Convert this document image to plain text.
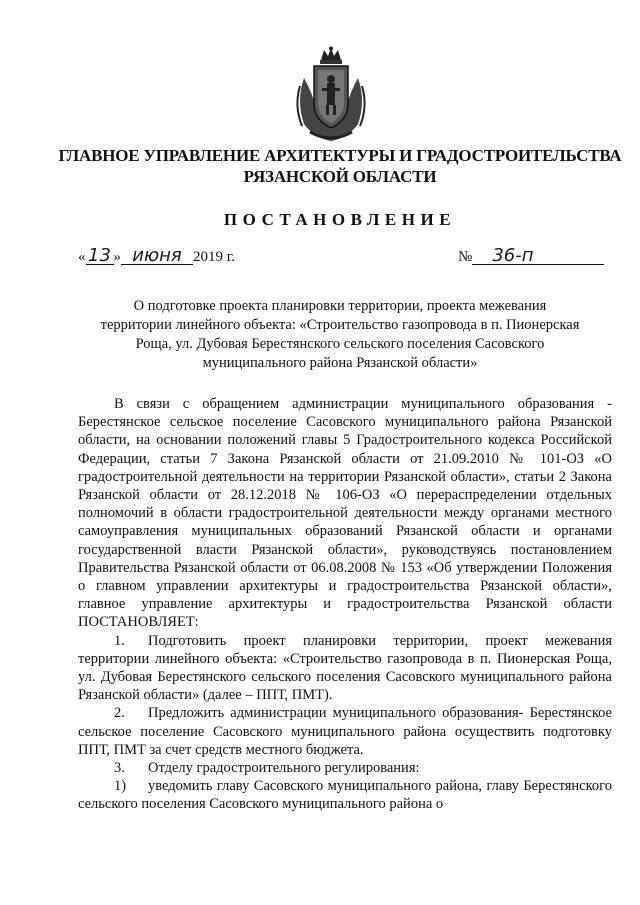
ГЛАВНОЕ УПРАВЛЕНИЕ АРХИТЕКТУРЫ И ГРАДОСТРОИТЕЛЬСТВА
РЯЗАНСКОЙ ОБЛАСТИ
ПОСТАНОВЛЕНИЕ
« 13 » июня 2019 г.	№ 36-п
О подготовке проекта планировки территории, проекта межевания
территории линейного объекта: «Строительство газопровода в п. Пионерская
Роща, ул. Дубовая Берестянского сельского поселения Сасовского
муниципального района Рязанской области»

В связи с обращением администрации муниципального образования - Берестянское сельское поселение Сасовского муниципального района Рязанской области, на основании положений главы 5 Градостроительного кодекса Российской Федерации, статьи 7 Закона Рязанской области от 21.09.2010 № 101-ОЗ «О градостроительной деятельности на территории Рязанской области», статьи 2 Закона Рязанской области от 28.12.2018 № 106-ОЗ «О перераспределении отдельных полномочий в области градостроительной деятельности между органами местного самоуправления муниципальных образований Рязанской области и органами государственной власти Рязанской области», руководствуясь постановлением Правительства Рязанской области от 06.08.2008 № 153 «Об утверждении Положения о главном управлении архитектуры и градостроительства Рязанской области», главное управление архитектуры и градостроительства Рязанской области ПОСТАНОВЛЯЕТ:

1. Подготовить проект планировки территории, проект межевания территории линейного объекта: «Строительство газопровода в п. Пионерская Роща, ул. Дубовая Берестянского сельского поселения Сасовского муниципального района Рязанской области» (далее – ППТ, ПМТ).

2. Предложить администрации муниципального образования- Берестянское сельское поселение Сасовского муниципального района осуществить подготовку ППТ, ПМТ за счет средств местного бюджета.

3. Отделу градостроительного регулирования:

1) уведомить главу Сасовского муниципального района, главу Берестянского сельского поселения Сасовского муниципального района о
